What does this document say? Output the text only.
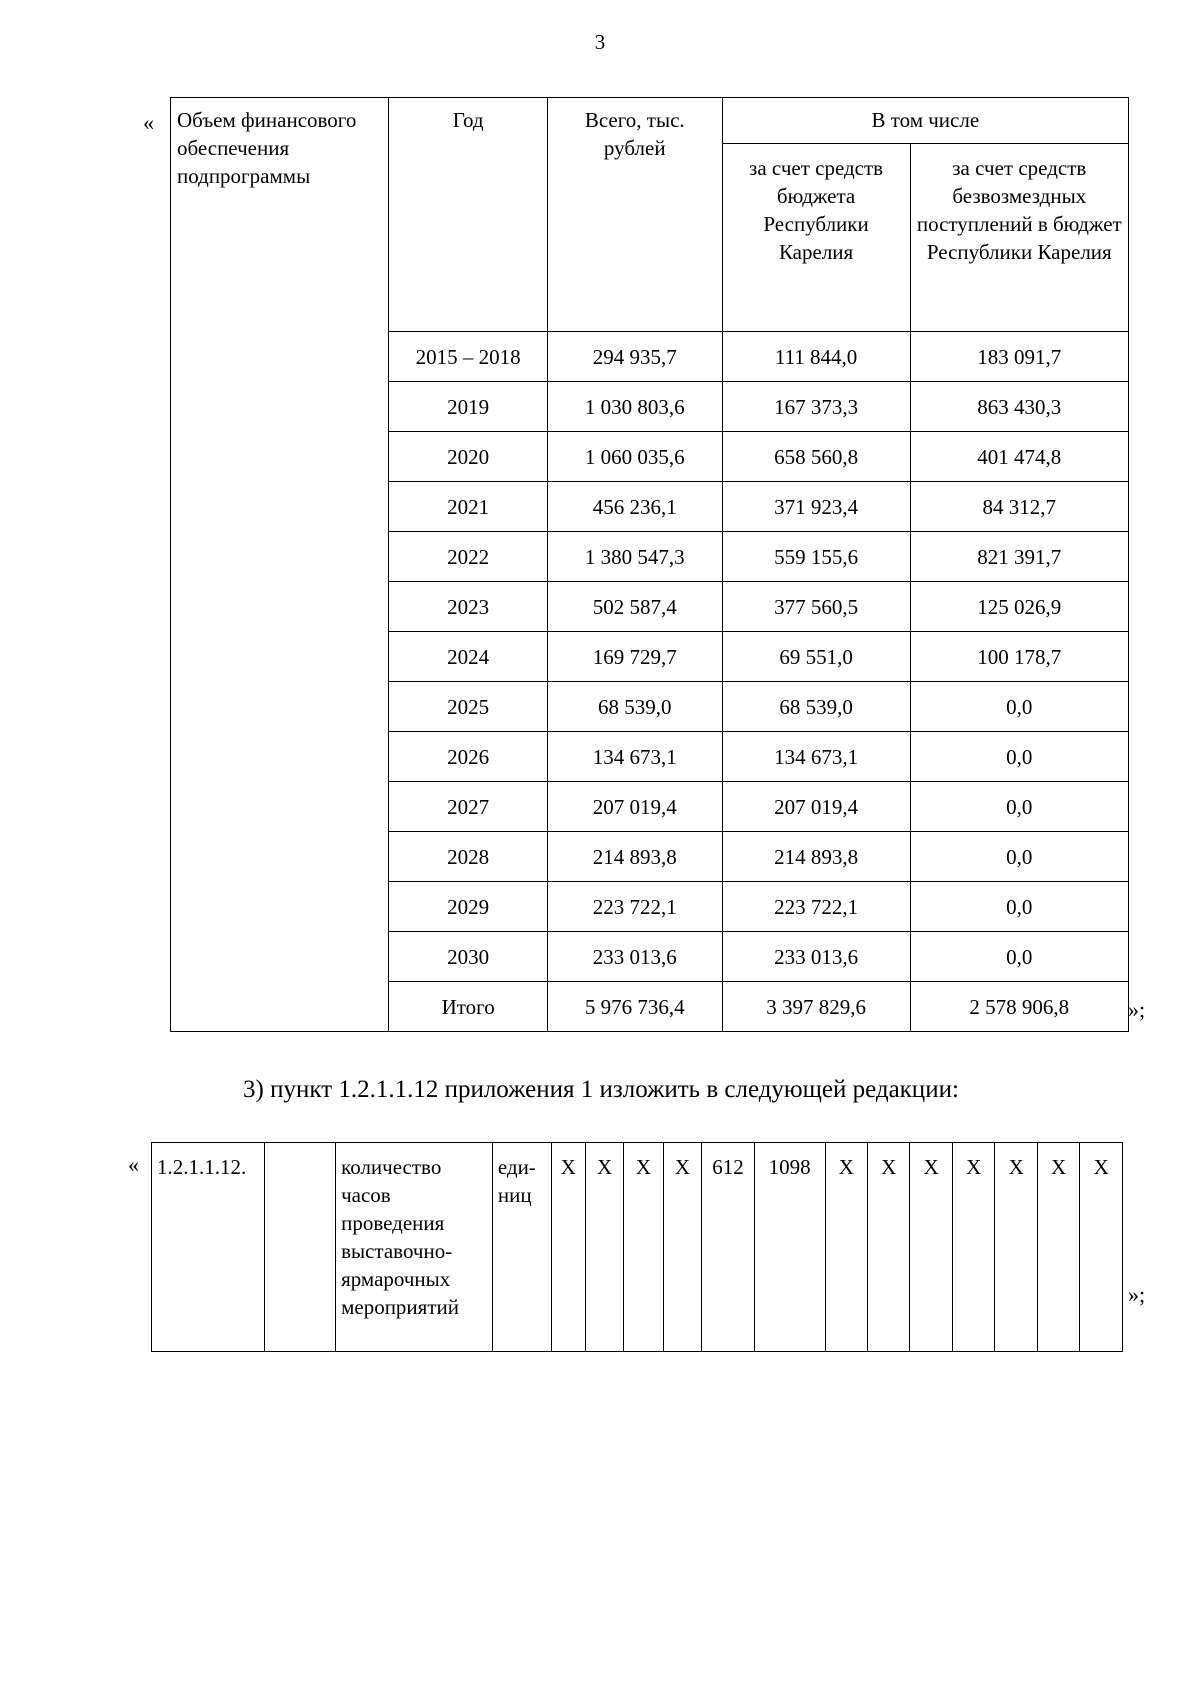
3
« Объем финансового обеспечения подпрограммы	Год	Всего, тыс. рублей	В том числе	
			за счет средств бюджета Республики Карелия	за счет средств безвозмездных поступлений в бюджет Республики Карелия
	2015 – 2018	294 935,7	111 844,0	183 091,7
	2019	1 030 803,6	167 373,3	863 430,3
	2020	1 060 035,6	658 560,8	401 474,8
	2021	456 236,1	371 923,4	84 312,7
	2022	1 380 547,3	559 155,6	821 391,7
	2023	502 587,4	377 560,5	125 026,9
	2024	169 729,7	69 551,0	100 178,7
	2025	68 539,0	68 539,0	0,0
	2026	134 673,1	134 673,1	0,0
	2027	207 019,4	207 019,4	0,0
	2028	214 893,8	214 893,8	0,0
	2029	223 722,1	223 722,1	0,0
	2030	233 013,6	233 013,6	0,0
	Итого	5 976 736,4	3 397 829,6	2 578 906,8	»;
3) пункт 1.2.1.1.12 приложения 1 изложить в следующей редакции:
« 1.2.1.1.12.		количество часов проведения выставочно-ярмарочных мероприятий	еди-ниц	X	X	X	X	612	1098	X	X	X	X	X	X	X
»;
